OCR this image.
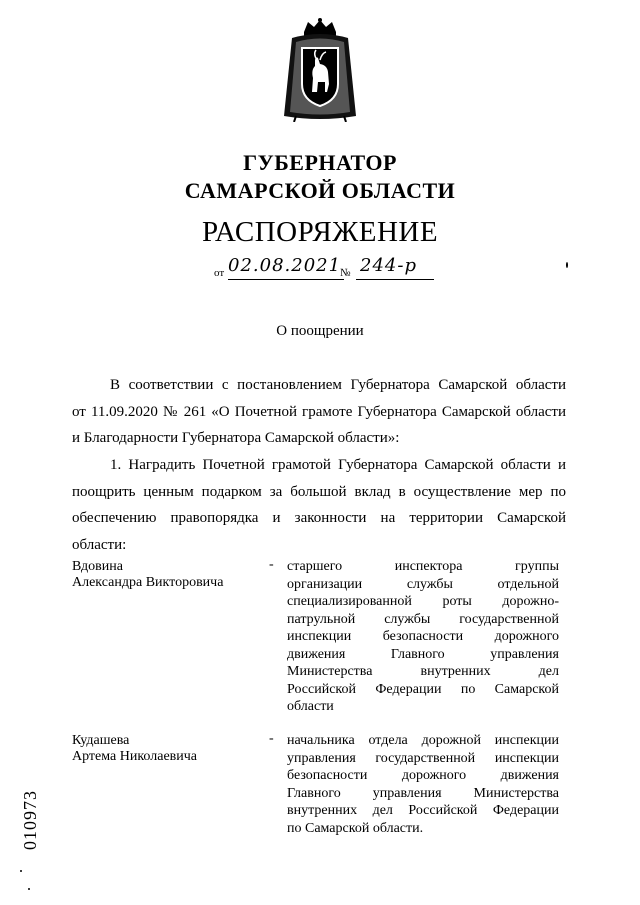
ГУБЕРНАТОР
САМАРСКОЙ ОБЛАСТИ
РАСПОРЯЖЕНИЕ
от 02.08.2021
№ 244-р
О поощрении
В соответствии с постановлением Губернатора Самарской области
от 11.09.2020 № 261 «О Почетной грамоте Губернатора Самарской области
и Благодарности Губернатора Самарской области»:
1. Наградить Почетной грамотой Губернатора Самарской области и
поощрить ценным подарком за большой вклад в осуществление мер по
обеспечению правопорядка и законности на территории Самарской
области:
Вдовина
Александра Викторовича
- старшего инспектора группы
организации службы отдельной
специализированной роты дорожно-
патрульной службы государственной
инспекции безопасности дорожного
движения Главного управления
Министерства внутренних дел
Российской Федерации по Самарской
области
Кудашева
Артема Николаевича
- начальника отдела дорожной инспекции
управления государственной инспекции
безопасности дорожного движения
Главного управления Министерства
внутренних дел Российской Федерации
по Самарской области.
010973
